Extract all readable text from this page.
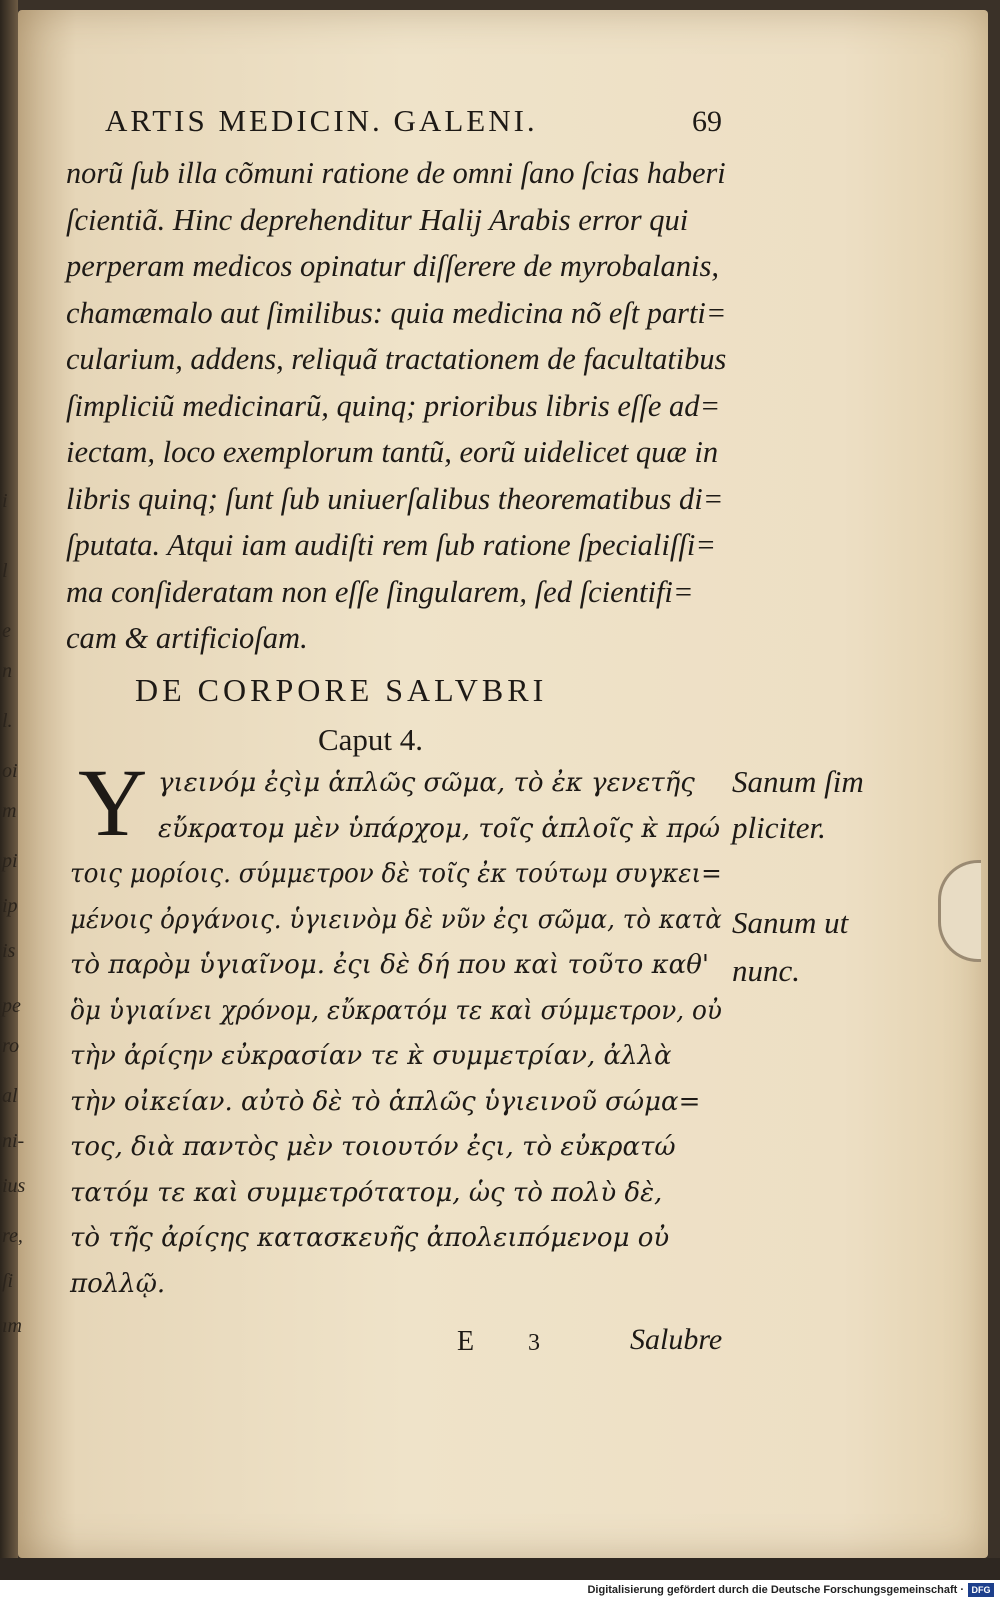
i
l
e
n
l.
oi
m
pi
ip
is
pe
ro
al
ni-
ius
re,
ſi
ım
ARTIS MEDICIN. GALENI.	69
norũ ſub illa cõmuni ratione de omni ſano ſcias haberi
ſcientiã. Hinc deprehenditur Halij Arabis error qui
perperam medicos opinatur diſſerere de myrobalanis,
chamæmalo aut ſimilibus: quia medicina nõ eſt parti=
cularium, addens, reliquã tractationem de facultatibus
ſimpliciũ medicinarũ, quinq; prioribus libris eſſe ad=
iectam, loco exemplorum tantũ, eorũ uidelicet quæ in
libris quinq; ſunt ſub uniuerſalibus theorematibus di=
ſputata. Atqui iam audiſti rem ſub ratione ſpecialiſſi=
ma conſideratam non eſſe ſingularem, ſed ſcientifi=
cam & artificioſam.
DE CORPORE SALVBRI
Caput 4.
Y γιεινόμ ἐςὶμ ἁπλῶς σῶμα, τὸ ἐκ γενετῆς
εὔκρατομ μὲν ὑπάρχομ, τοῖς ἁπλοῖς κ̀ πρώ
τοις μορίοις. σύμμετρον δὲ τοῖς ἐκ τούτωμ συγκει=
μένοις ὀργάνοις. ὑγιεινὸμ δὲ νῦν ἐςι σῶμα, τὸ κατὰ
τὸ παρὸμ ὑγιαῖνομ. ἐςι δὲ δή που καὶ τοῦτο καθ'
ὃμ ὑγιαίνει χρόνομ, εὔκρατόμ τε καὶ σύμμετρον, οὐ
τὴν ἀρίςην εὐκρασίαν τε κ̀ συμμετρίαν, ἀλλὰ
τὴν οἰκείαν. αὐτὸ δὲ τὸ ἁπλῶς ὑγιεινοῦ σώμα=
τος, διὰ παντὸς μὲν τοιουτόν ἐςι, τὸ εὐκρατώ
τατόμ τε καὶ συμμετρότατομ, ὡς τὸ πολὺ δὲ,
τὸ τῆς ἀρίςης κατασκευῆς ἀπολειπόμενομ οὐ
πολλῷ.
Sanum ſim
pliciter.
Sanum ut
nunc.
E 3	Salubre
Digitalisierung gefördert durch die Deutsche Forschungsgemeinschaft · DFG
